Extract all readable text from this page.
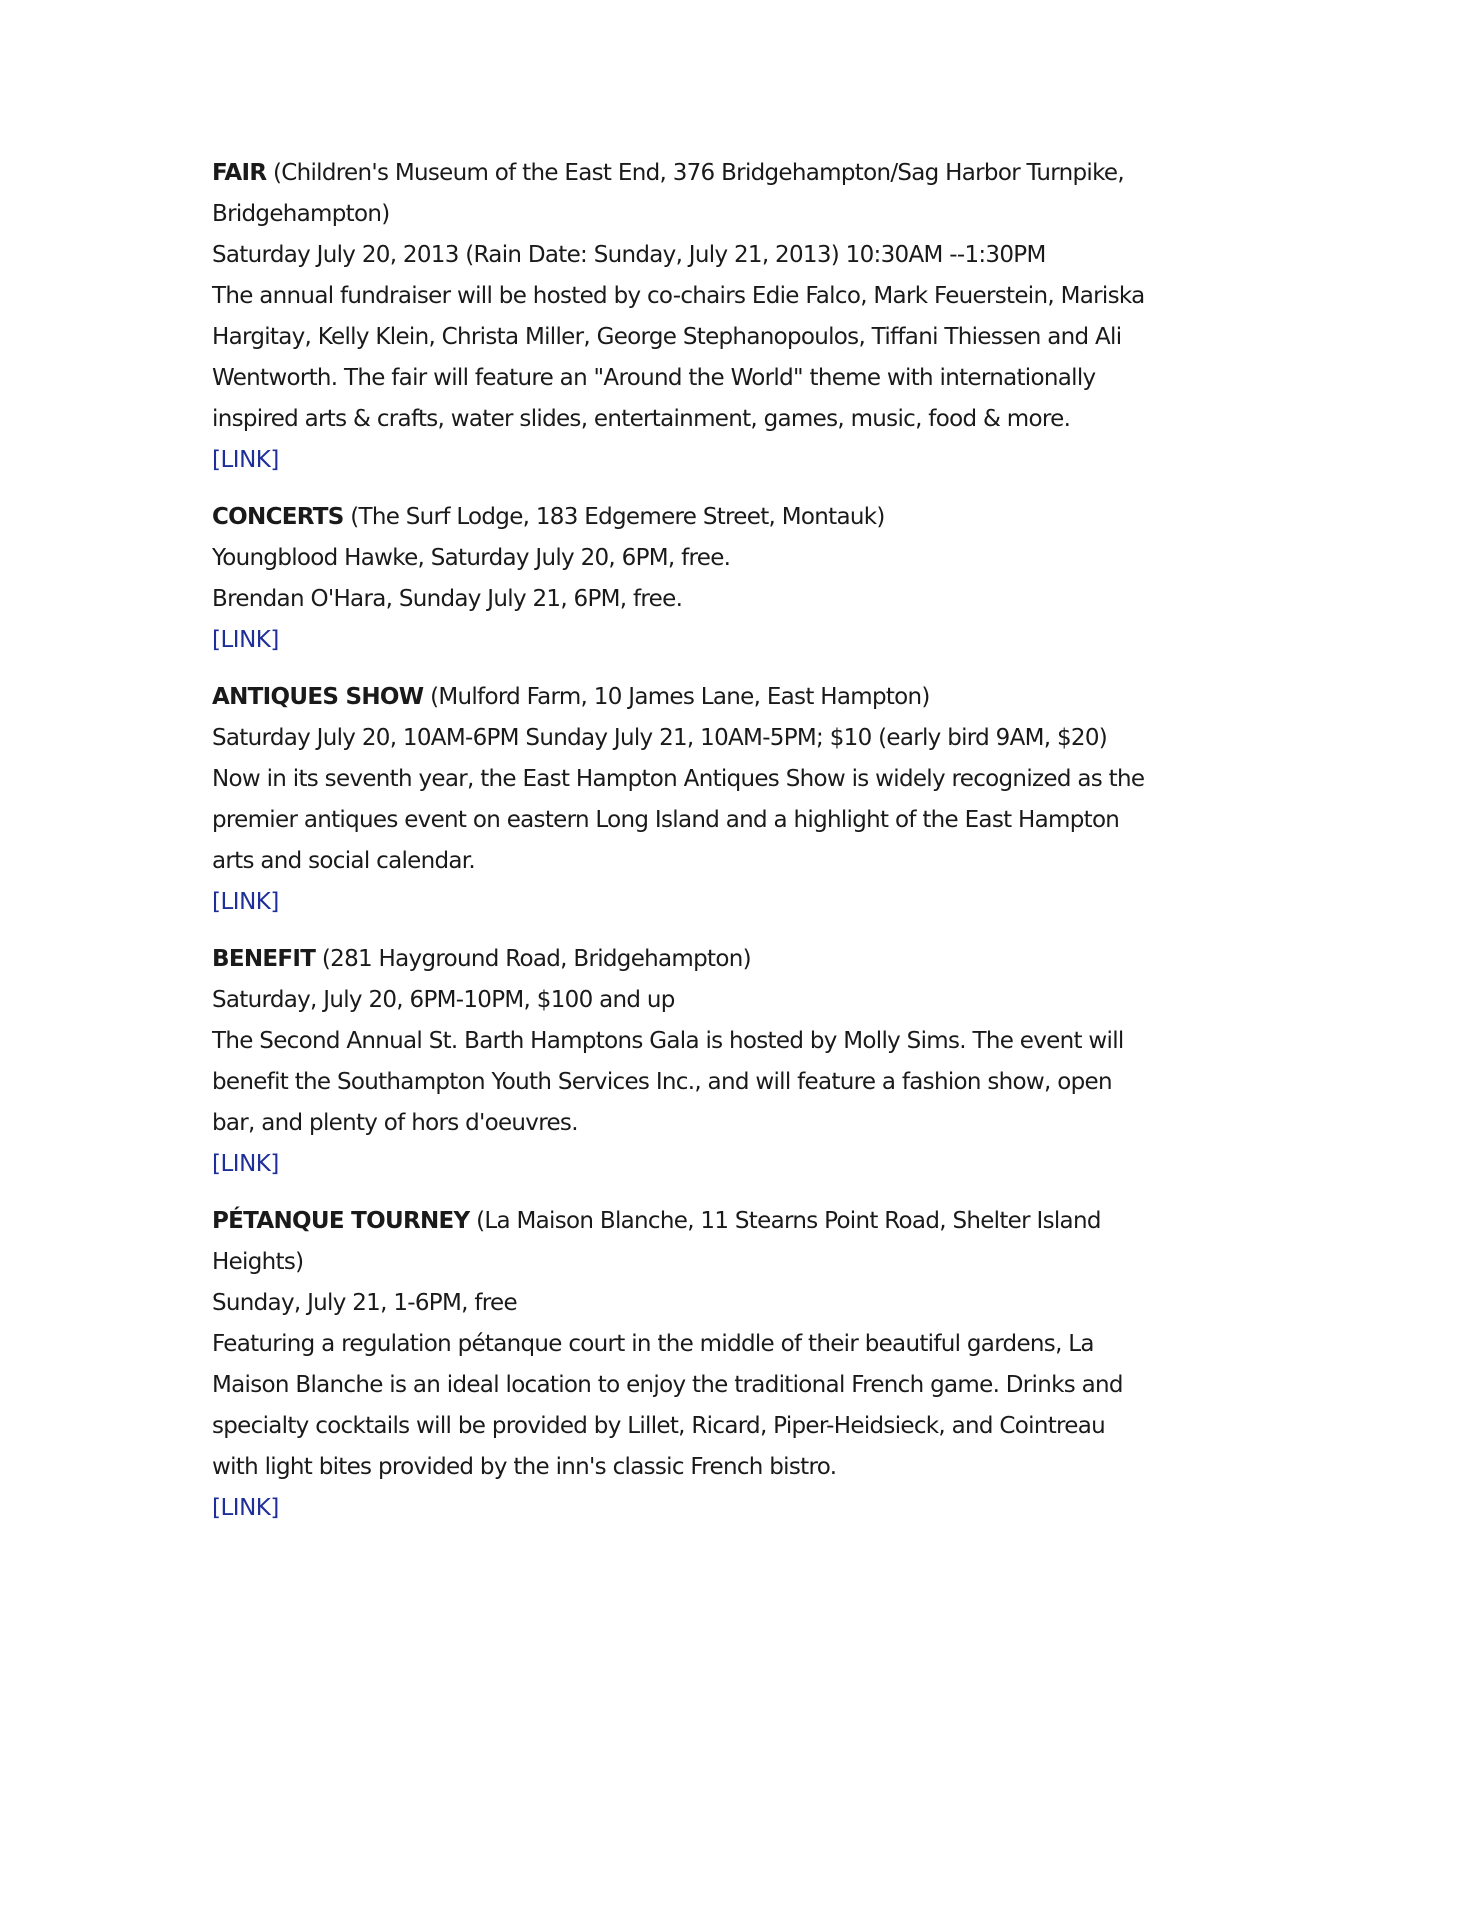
FAIR (Children's Museum of the East End, 376 Bridgehampton/Sag Harbor Turnpike,
Bridgehampton)
Saturday July 20, 2013 (Rain Date: Sunday, July 21, 2013) 10:30AM --1:30PM
The annual fundraiser will be hosted by co-chairs Edie Falco, Mark Feuerstein, Mariska
Hargitay, Kelly Klein, Christa Miller, George Stephanopoulos, Tiffani Thiessen and Ali
Wentworth. The fair will feature an "Around the World" theme with internationally
inspired arts & crafts, water slides, entertainment, games, music, food & more.
[LINK]
CONCERTS (The Surf Lodge, 183 Edgemere Street, Montauk)
Youngblood Hawke, Saturday July 20, 6PM, free.
Brendan O'Hara, Sunday July 21, 6PM, free.
[LINK]
ANTIQUES SHOW (Mulford Farm, 10 James Lane, East Hampton)
Saturday July 20, 10AM-6PM Sunday July 21, 10AM-5PM; $10 (early bird 9AM, $20)
Now in its seventh year, the East Hampton Antiques Show is widely recognized as the
premier antiques event on eastern Long Island and a highlight of the East Hampton
arts and social calendar.
[LINK]
BENEFIT (281 Hayground Road, Bridgehampton)
Saturday, July 20, 6PM-10PM, $100 and up
The Second Annual St. Barth Hamptons Gala is hosted by Molly Sims. The event will
benefit the Southampton Youth Services Inc., and will feature a fashion show, open
bar, and plenty of hors d'oeuvres.
[LINK]
PÉTANQUE TOURNEY (La Maison Blanche, 11 Stearns Point Road, Shelter Island
Heights)
Sunday, July 21, 1-6PM, free
Featuring a regulation pétanque court in the middle of their beautiful gardens, La
Maison Blanche is an ideal location to enjoy the traditional French game. Drinks and
specialty cocktails will be provided by Lillet, Ricard, Piper-Heidsieck, and Cointreau
with light bites provided by the inn's classic French bistro.
[LINK]
